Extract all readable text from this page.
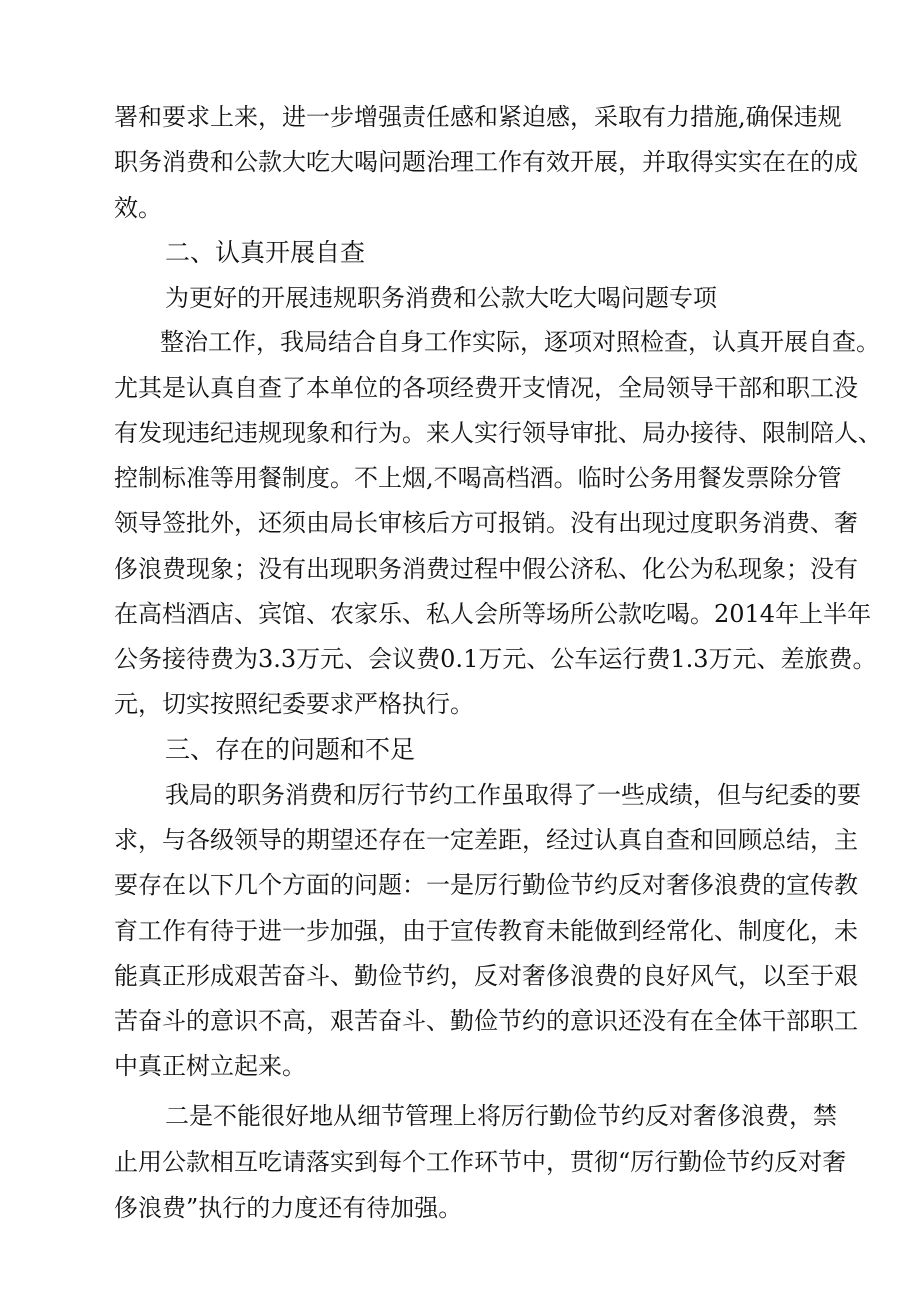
署和要求上来，进一步增强责任感和紧迫感，采取有力措施,确保违规
职务消费和公款大吃大喝问题治理工作有效开展，并取得实实在在的成
效。
二、认真开展自查
为更好的开展违规职务消费和公款大吃大喝问题专项
整治工作，我局结合自身工作实际，逐项对照检查，认真开展自查。
尤其是认真自查了本单位的各项经费开支情况，全局领导干部和职工没
有发现违纪违规现象和行为。来人实行领导审批、局办接待、限制陪人、
控制标准等用餐制度。不上烟,不喝高档酒。临时公务用餐发票除分管
领导签批外，还须由局长审核后方可报销。没有出现过度职务消费、奢
侈浪费现象；没有出现职务消费过程中假公济私、化公为私现象；没有
在高档酒店、宾馆、农家乐、私人会所等场所公款吃喝。2014年上半年
公务接待费为3.3万元、会议费0.1万元、公车运行费1.3万元、差旅费。
元，切实按照纪委要求严格执行。
三、存在的问题和不足
我局的职务消费和厉行节约工作虽取得了一些成绩，但与纪委的要
求，与各级领导的期望还存在一定差距，经过认真自查和回顾总结，主
要存在以下几个方面的问题：一是厉行勤俭节约反对奢侈浪费的宣传教
育工作有待于进一步加强，由于宣传教育未能做到经常化、制度化，未
能真正形成艰苦奋斗、勤俭节约，反对奢侈浪费的良好风气，以至于艰
苦奋斗的意识不高，艰苦奋斗、勤俭节约的意识还没有在全体干部职工
中真正树立起来。
二是不能很好地从细节管理上将厉行勤俭节约反对奢侈浪费，禁
止用公款相互吃请落实到每个工作环节中，贯彻“厉行勤俭节约反对奢
侈浪费”执行的力度还有待加强。
